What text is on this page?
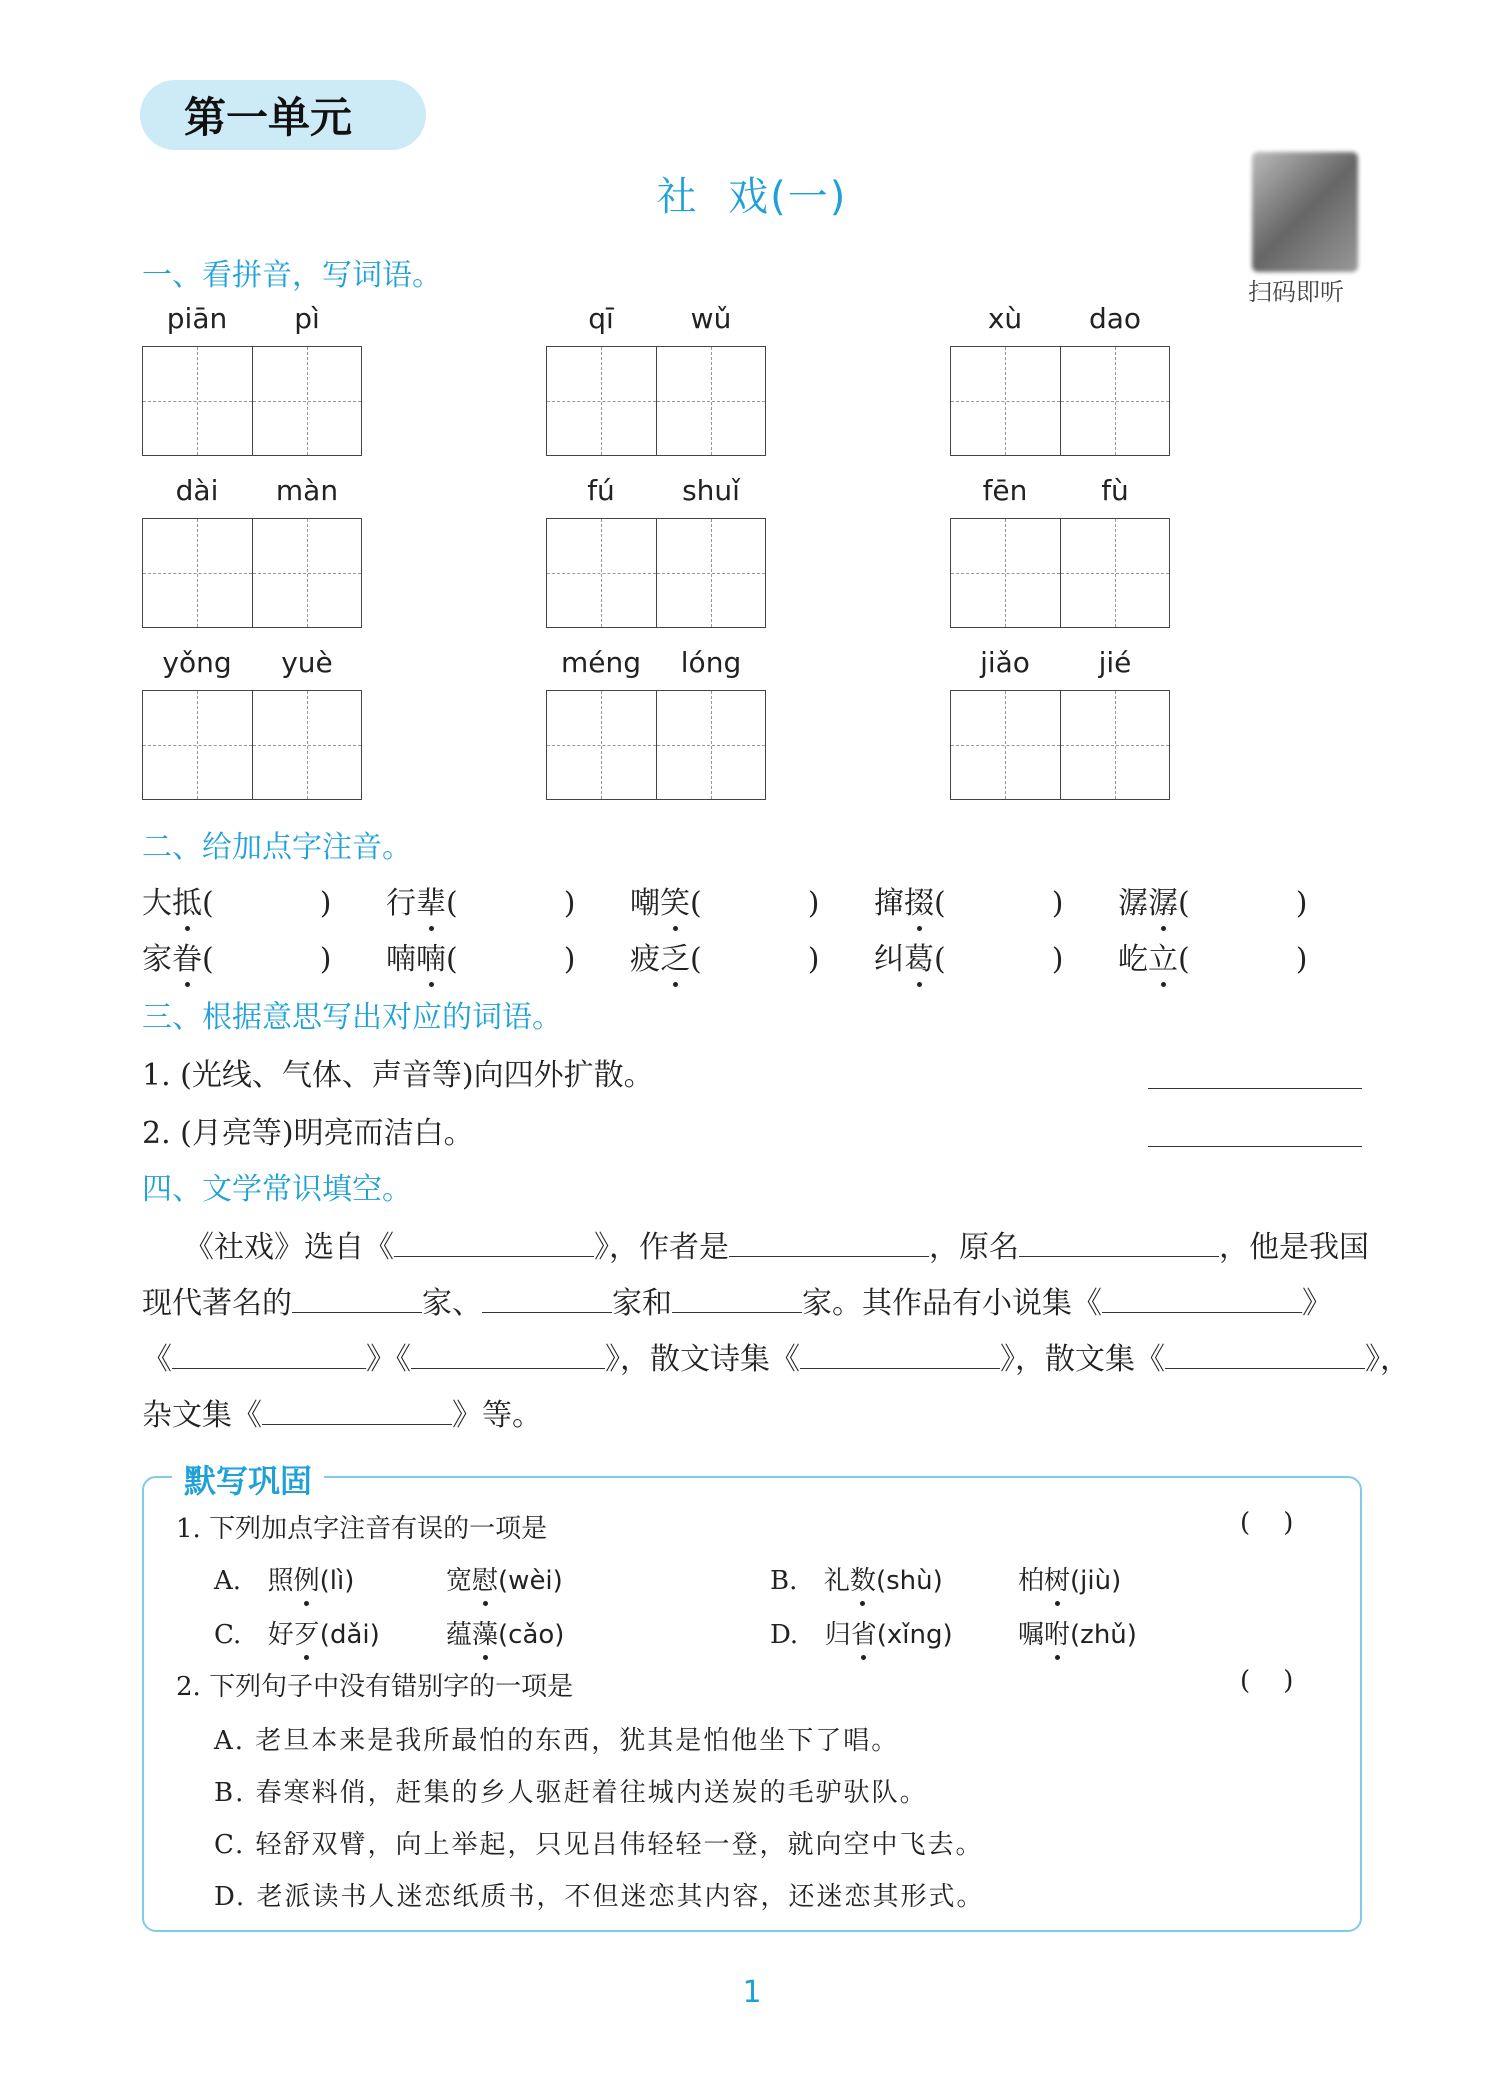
第一单元
社  戏(一)
扫码即听
一、看拼音，写词语。
piān	pì	qī	wǔ	xù	dao
dài	màn	fú	shuǐ	fēn	fù
yǒng	yuè	méng	lóng	jiǎo	jié
二、给加点字注音。
大抵(	) 行辈(	) 嘲笑(	) 撺掇(	) 潺潺(	)
家眷(	) 喃喃(	) 疲乏(	) 纠葛(	) 屹立(	)
三、根据意思写出对应的词语。
1. (光线、气体、声音等)向四外扩散。
2. (月亮等)明亮而洁白。
四、文学常识填空。
《社戏》选自《	》，作者是	，原名	，他是我国
现代著名的	家、	家和	家。其作品有小说集《	》
《	》《	》，散文诗集《	》，散文集《	》，
杂文集《	》等。
默写巩固
1. 下列加点字注音有误的一项是	(    )
A. 照例(lì)	宽慰(wèi)	B. 礼数(shù)	柏树(jiù)
C. 好歹(dǎi)	蕴藻(cǎo)	D. 归省(xǐng)	嘱咐(zhǔ)
2. 下列句子中没有错别字的一项是	(    )
A. 老旦本来是我所最怕的东西，犹其是怕他坐下了唱。
B. 春寒料俏，赶集的乡人驱赶着往城内送炭的毛驴驮队。
C. 轻舒双臂，向上举起，只见吕伟轻轻一登，就向空中飞去。
D. 老派读书人迷恋纸质书，不但迷恋其内容，还迷恋其形式。
1
